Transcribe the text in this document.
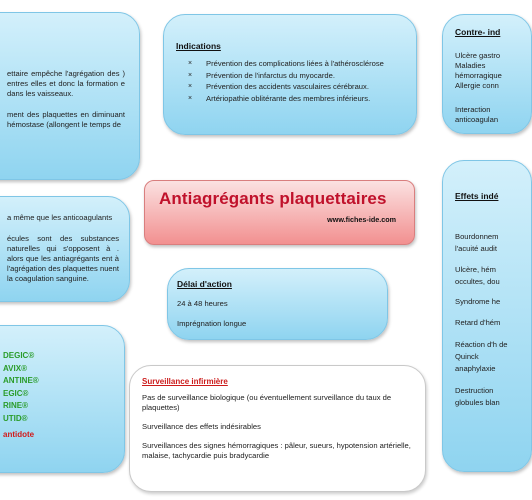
ettaire empêche l'agrégation des ) entres elles et donc la formation e dans les vaisseaux.

ment des plaquettes en diminuant hémostase (allongent le temps de

Indications
× Prévention des complications liées à l'athérosclérose
× Prévention de l'infarctus du myocarde.
× Prévention des accidents vasculaires cérébraux.
× Artériopathie oblitérante des membres inférieurs.
Contre- ind

Ulcère gastro

Maladies

hémorragique

Allergie conn

Interaction

anticoagulan

a même que les anticoagulants

écules sont des substances naturelles qui s'opposent à . alors que les antiagrégants ent à l'agrégation des plaquettes nuent la coagulation sanguine.

Antiagrégants plaquettaires
www.fiches-ide.com
Délai d'action

24 à 48 heures

Imprégnation longue

Effets indé

Bourdonnem l'acuité audit

Ulcère, hém occultes, dou

Syndrome he

Retard d'hém

Réaction d'h de Quinck anaphylaxie

Destruction globules blan

DEGIC®
AVIX®
ANTINE®
EGIC®
RINE®
UTID®
antidote
Surveillance infirmière

Pas de surveillance biologique (ou éventuellement surveillance du taux de plaquettes)

Surveillance des effets indésirables

Surveillances des signes hémorragiques : pâleur, sueurs, hypotension artérielle, malaise, tachycardie puis bradycardie
